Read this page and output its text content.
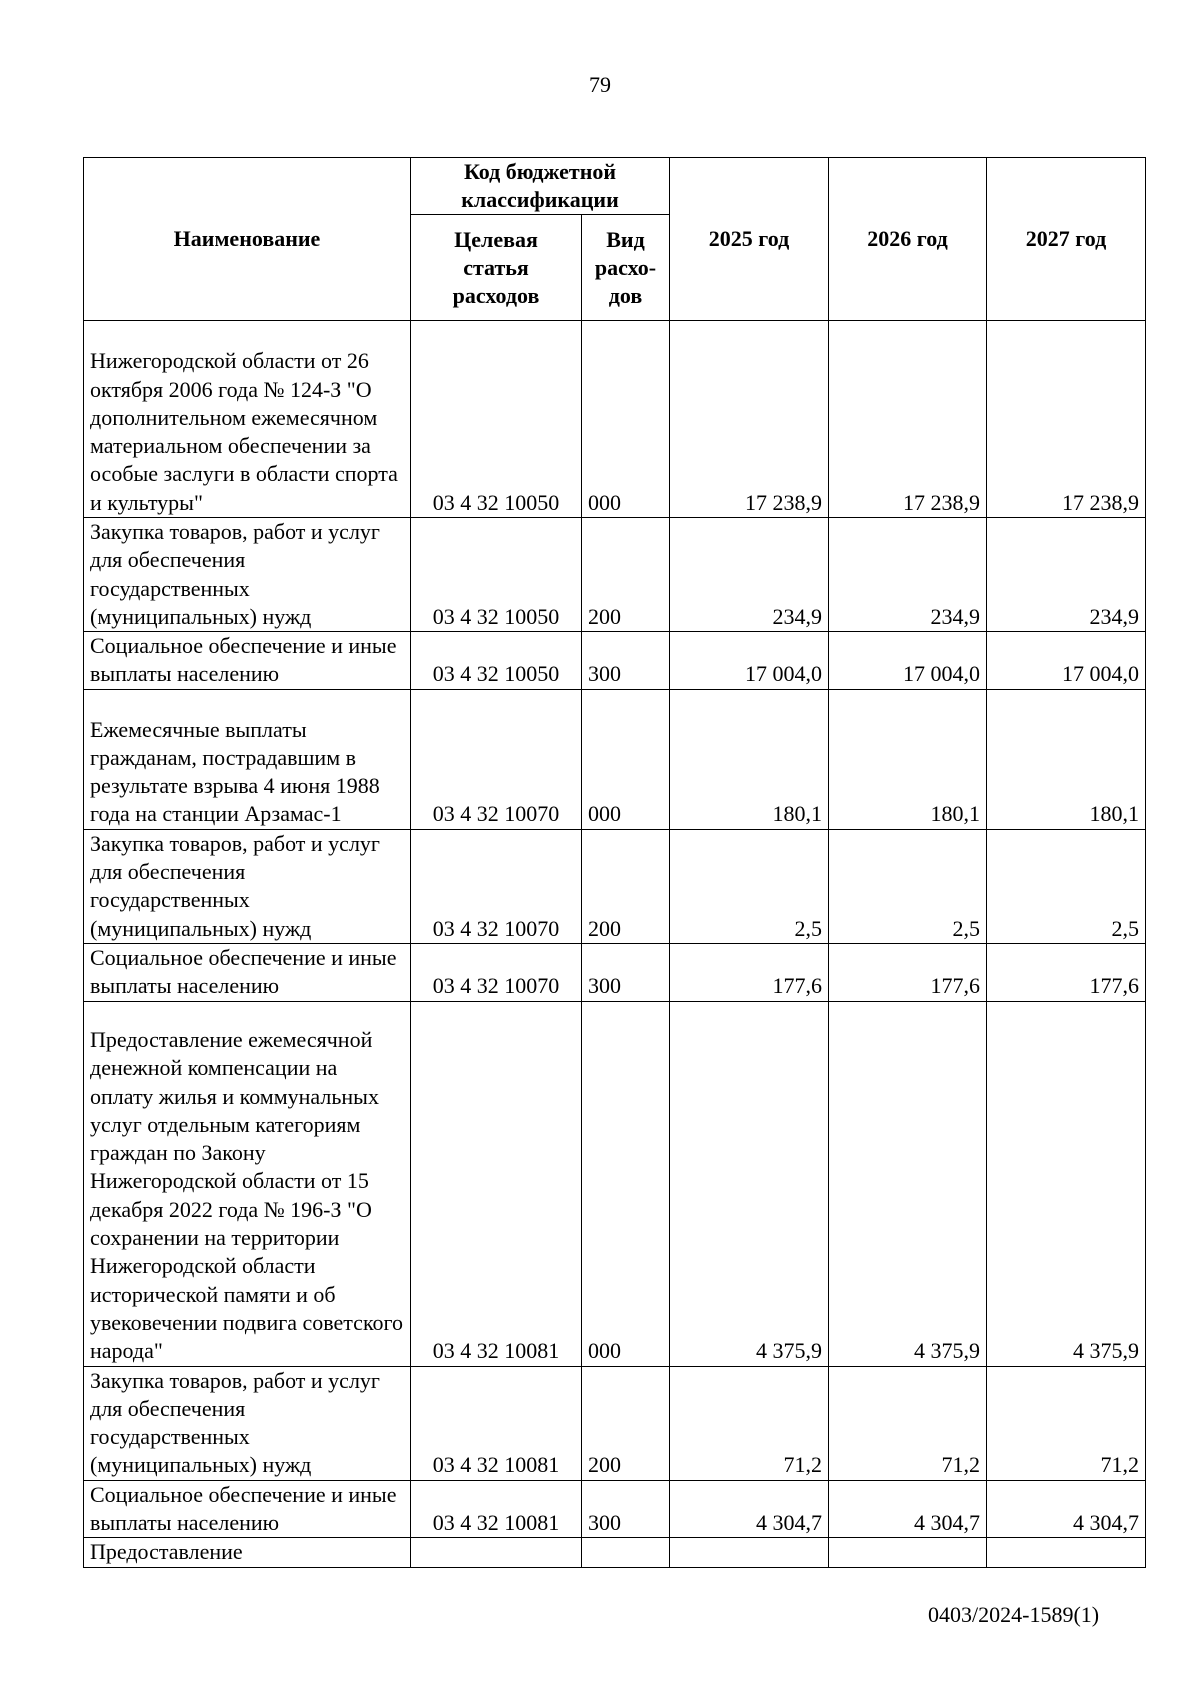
79
Наименование	Код бюджетной классификации		2025 год	2026 год	2027 год
	Целевая статья расходов	Вид расхо-дов			
Нижегородской области от 26 октября 2006 года № 124-З "О дополнительном ежемесячном материальном обеспечении за особые заслуги в области спорта и культуры"	03 4 32 10050	000	17 238,9	17 238,9	17 238,9
Закупка товаров, работ и услуг для обеспечения государственных (муниципальных) нужд	03 4 32 10050	200	234,9	234,9	234,9
Социальное обеспечение и иные выплаты населению	03 4 32 10050	300	17 004,0	17 004,0	17 004,0
Ежемесячные выплаты гражданам, пострадавшим в результате взрыва 4 июня 1988 года на станции Арзамас-1	03 4 32 10070	000	180,1	180,1	180,1
Закупка товаров, работ и услуг для обеспечения государственных (муниципальных) нужд	03 4 32 10070	200	2,5	2,5	2,5
Социальное обеспечение и иные выплаты населению	03 4 32 10070	300	177,6	177,6	177,6
Предоставление ежемесячной денежной компенсации на оплату жилья и коммунальных услуг отдельным категориям граждан по Закону Нижегородской области от 15 декабря 2022 года № 196-З "О сохранении на территории Нижегородской области исторической памяти и об увековечении подвига советского народа"	03 4 32 10081	000	4 375,9	4 375,9	4 375,9
Закупка товаров, работ и услуг для обеспечения государственных (муниципальных) нужд	03 4 32 10081	200	71,2	71,2	71,2
Социальное обеспечение и иные выплаты населению	03 4 32 10081	300	4 304,7	4 304,7	4 304,7
Предоставление					
0403/2024-1589(1)
